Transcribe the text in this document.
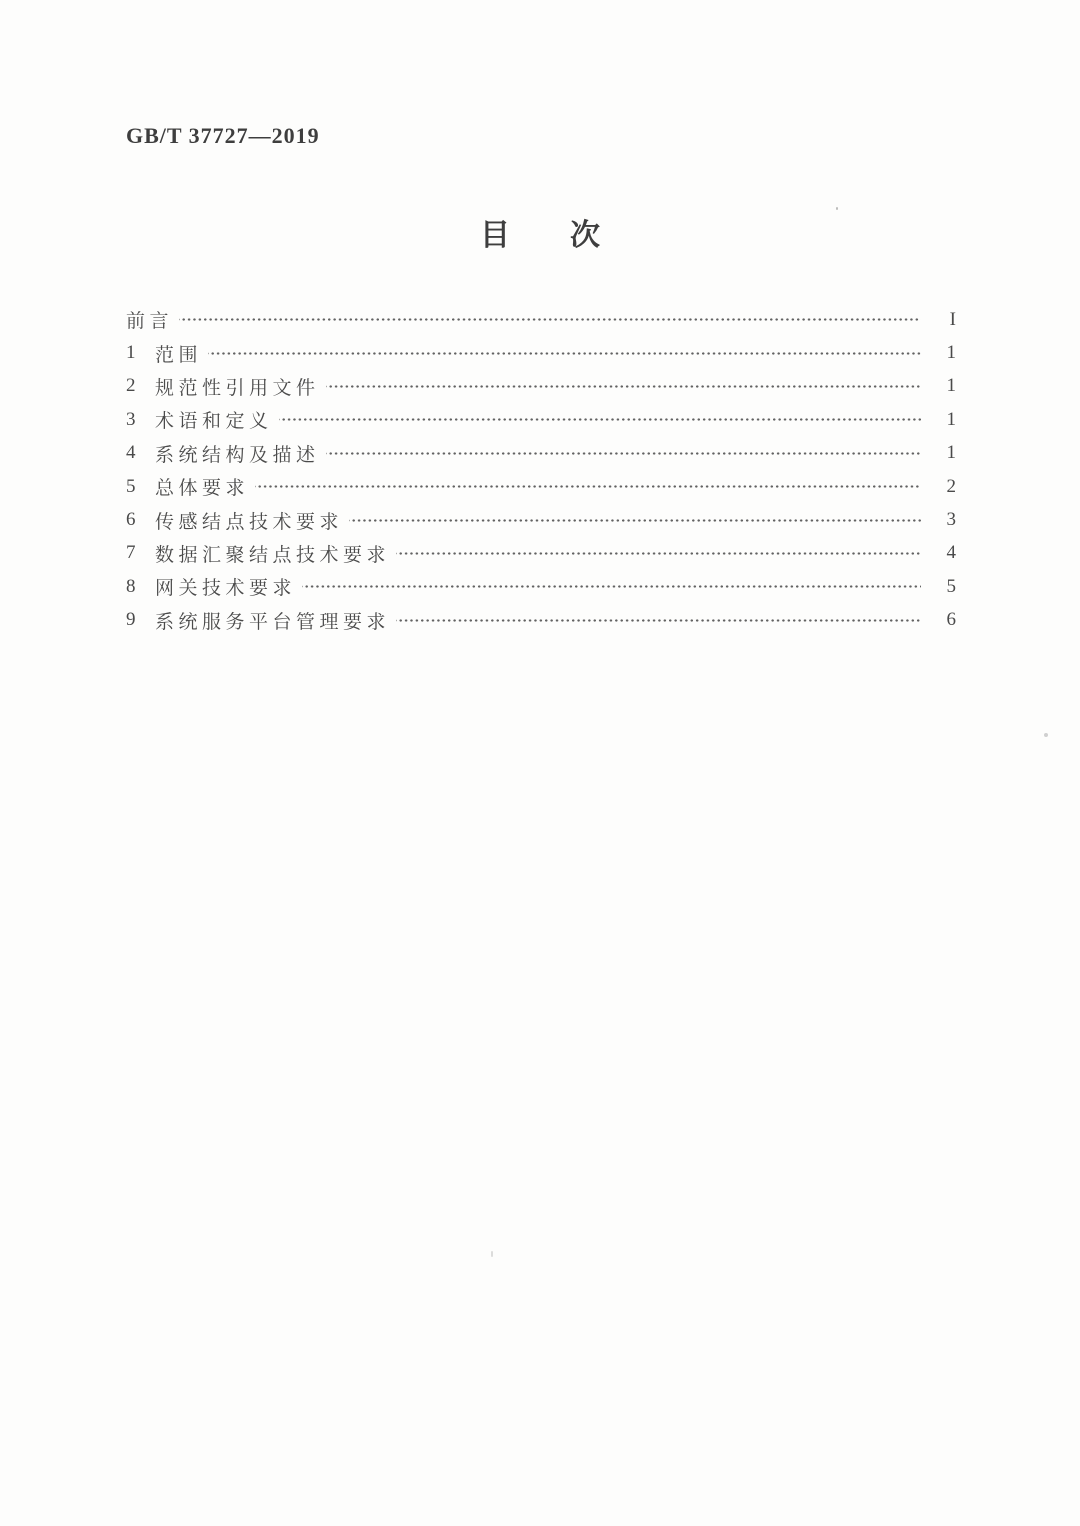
GB/T 37727—2019
目 次
前言	I
1	范围	1
2	规范性引用文件	1
3	术语和定义	1
4	系统结构及描述	1
5	总体要求	2
6	传感结点技术要求	3
7	数据汇聚结点技术要求	4
8	网关技术要求	5
9	系统服务平台管理要求	6
